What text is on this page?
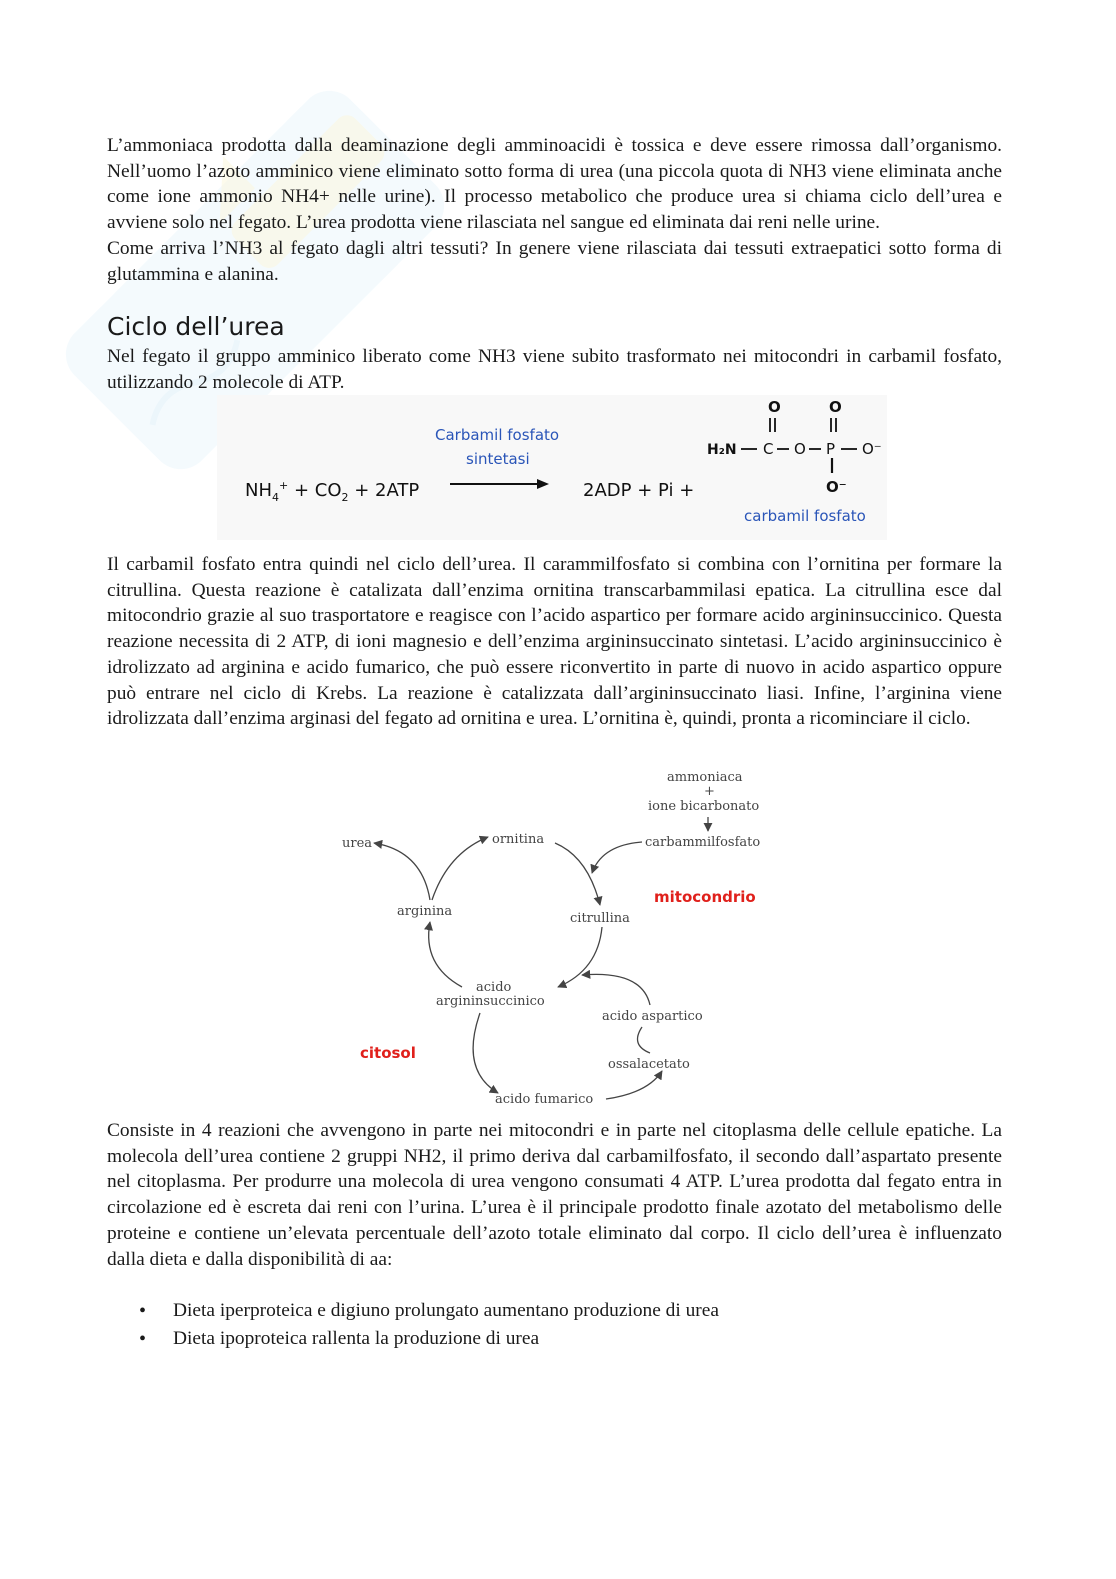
L’ammoniaca prodotta dalla deaminazione degli amminoacidi è tossica e deve essere rimossa dall’organismo. Nell’uomo l’azoto amminico viene eliminato sotto forma di urea (una piccola quota di NH3 viene eliminata anche come ione ammonio NH4+ nelle urine). Il processo metabolico che produce urea si chiama ciclo dell’urea e avviene solo nel fegato. L’urea prodotta viene rilasciata nel sangue ed eliminata dai reni nelle urine.

Come arriva l’NH3 al fegato dagli altri tessuti? In genere viene rilasciata dai tessuti extraepatici sotto forma di glutammina e alanina.

Ciclo dell’urea

Nel fegato il gruppo amminico liberato come NH3 viene subito trasformato nei mitocondri in carbamil fosfato, utilizzando 2 molecole di ATP.

Carbamil fosfato
sintetasi
$NH_4^+ + CO_2 + 2ATP$	2ADP + Pi +
O	O
H₂N C O P O⁻
O⁻
carbamil fosfato

Il carbamil fosfato entra quindi nel ciclo dell’urea. Il carammilfosfato si combina con l’ornitina per formare la citrullina. Questa reazione è catalizata dall’enzima ornitina transcarbammilasi epatica. La citrullina esce dal mitocondrio grazie al suo trasportatore e reagisce con l’acido aspartico per formare acido argininsuccinico. Questa reazione necessita di 2 ATP, di ioni magnesio e dell’enzima argininsuccinato sintetasi. L’acido argininsuccinico è idrolizzato ad arginina e acido fumarico, che può essere riconvertito in parte di nuovo in acido aspartico oppure può entrare nel ciclo di Krebs. La reazione è catalizzata dall’argininsuccinato liasi. Infine, l’arginina viene idrolizzata dall’enzima arginasi del fegato ad ornitina e urea. L’ornitina è, quindi, pronta a ricominciare il ciclo.

ammoniaca
+
ione bicarbonato
carbammilfosfato
urea	ornitina
arginina	citrullina
acido
argininsuccinico
acido aspartico
ossalacetato
acido fumarico
mitocondrio
citosol

Consiste in 4 reazioni che avvengono in parte nei mitocondri e in parte nel citoplasma delle cellule epatiche. La molecola dell’urea contiene 2 gruppi NH2, il primo deriva dal carbamilfosfato, il secondo dall’aspartato presente nel citoplasma. Per produrre una molecola di urea vengono consumati 4 ATP. L’urea prodotta dal fegato entra in circolazione ed è escreta dai reni con l’urina. L’urea è il principale prodotto finale azotato del metabolismo delle proteine e contiene un’elevata percentuale dell’azoto totale eliminato dal corpo. Il ciclo dell’urea è influenzato dalla dieta e dalla disponibilità di aa:

• Dieta iperproteica e digiuno prolungato aumentano produzione di urea
• Dieta ipoproteica rallenta la produzione di urea
